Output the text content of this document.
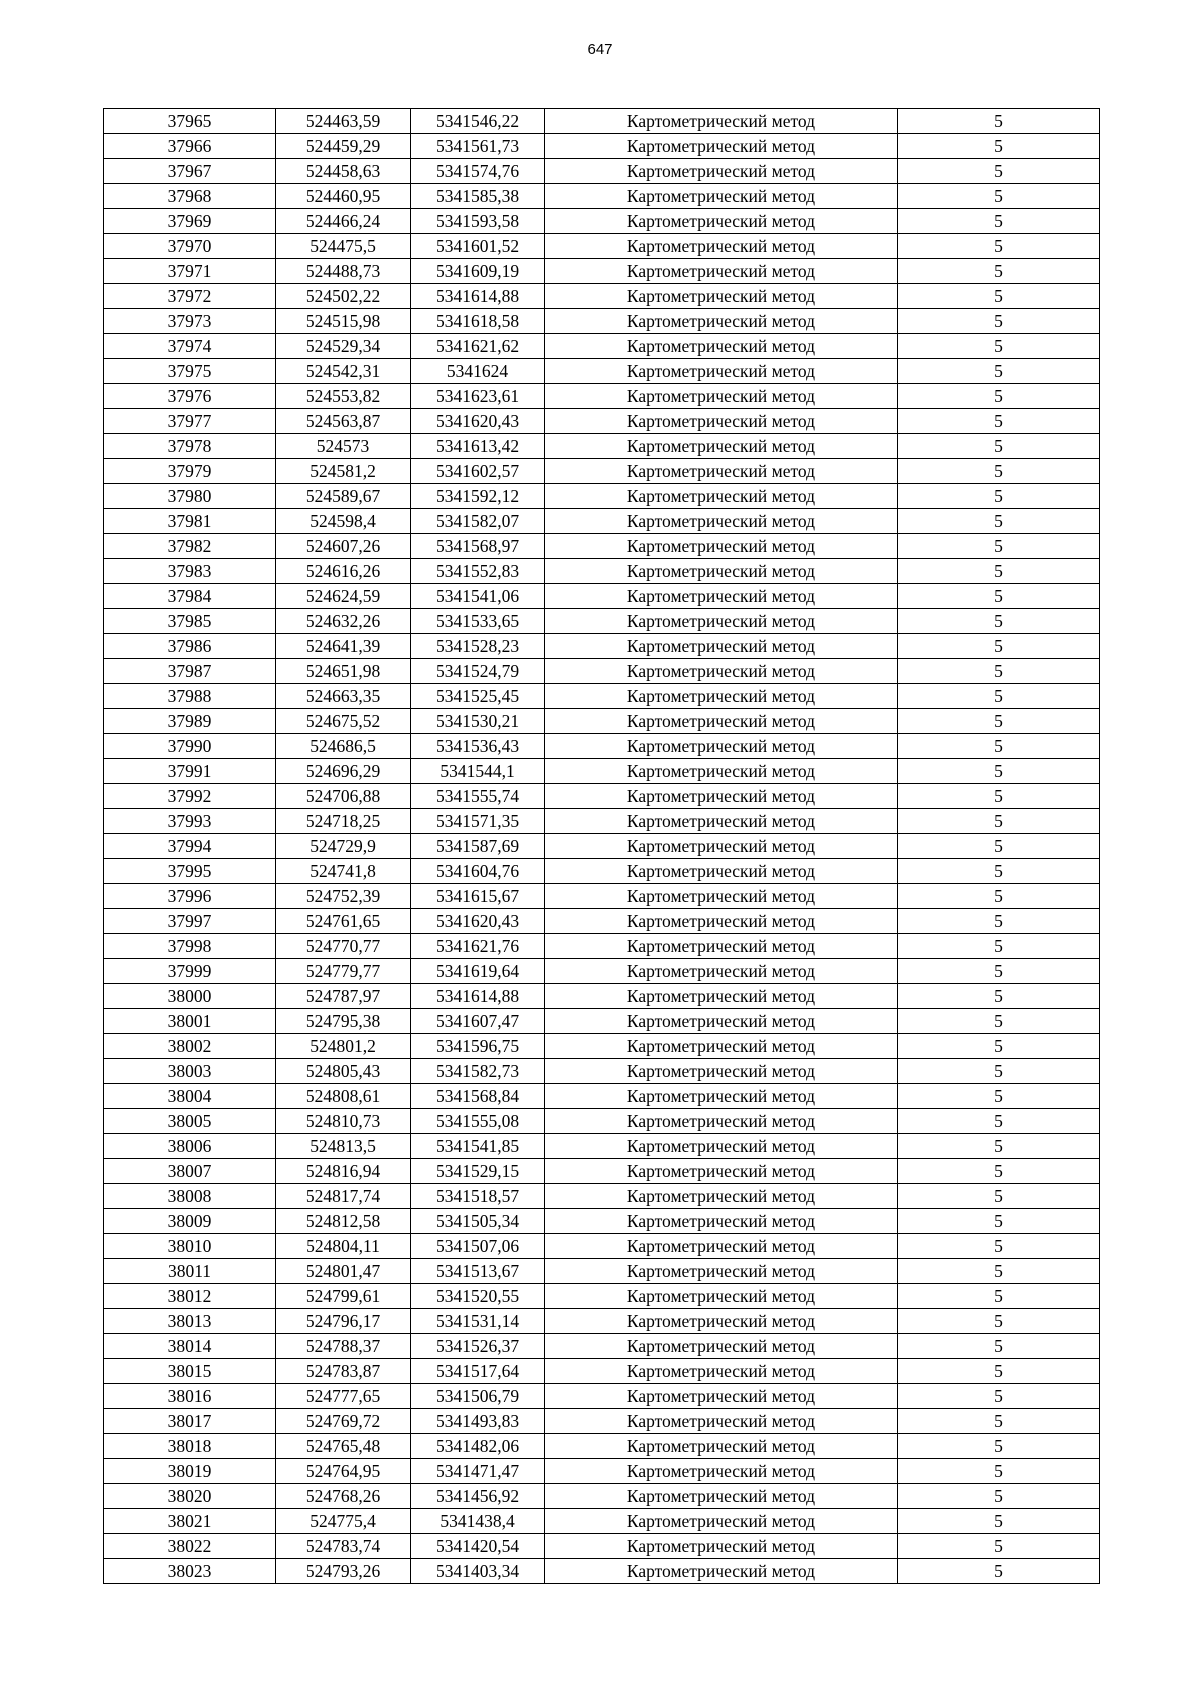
647
37965	524463,59	5341546,22	Картометрический метод	5
37966	524459,29	5341561,73	Картометрический метод	5
37967	524458,63	5341574,76	Картометрический метод	5
37968	524460,95	5341585,38	Картометрический метод	5
37969	524466,24	5341593,58	Картометрический метод	5
37970	524475,5	5341601,52	Картометрический метод	5
37971	524488,73	5341609,19	Картометрический метод	5
37972	524502,22	5341614,88	Картометрический метод	5
37973	524515,98	5341618,58	Картометрический метод	5
37974	524529,34	5341621,62	Картометрический метод	5
37975	524542,31	5341624	Картометрический метод	5
37976	524553,82	5341623,61	Картометрический метод	5
37977	524563,87	5341620,43	Картометрический метод	5
37978	524573	5341613,42	Картометрический метод	5
37979	524581,2	5341602,57	Картометрический метод	5
37980	524589,67	5341592,12	Картометрический метод	5
37981	524598,4	5341582,07	Картометрический метод	5
37982	524607,26	5341568,97	Картометрический метод	5
37983	524616,26	5341552,83	Картометрический метод	5
37984	524624,59	5341541,06	Картометрический метод	5
37985	524632,26	5341533,65	Картометрический метод	5
37986	524641,39	5341528,23	Картометрический метод	5
37987	524651,98	5341524,79	Картометрический метод	5
37988	524663,35	5341525,45	Картометрический метод	5
37989	524675,52	5341530,21	Картометрический метод	5
37990	524686,5	5341536,43	Картометрический метод	5
37991	524696,29	5341544,1	Картометрический метод	5
37992	524706,88	5341555,74	Картометрический метод	5
37993	524718,25	5341571,35	Картометрический метод	5
37994	524729,9	5341587,69	Картометрический метод	5
37995	524741,8	5341604,76	Картометрический метод	5
37996	524752,39	5341615,67	Картометрический метод	5
37997	524761,65	5341620,43	Картометрический метод	5
37998	524770,77	5341621,76	Картометрический метод	5
37999	524779,77	5341619,64	Картометрический метод	5
38000	524787,97	5341614,88	Картометрический метод	5
38001	524795,38	5341607,47	Картометрический метод	5
38002	524801,2	5341596,75	Картометрический метод	5
38003	524805,43	5341582,73	Картометрический метод	5
38004	524808,61	5341568,84	Картометрический метод	5
38005	524810,73	5341555,08	Картометрический метод	5
38006	524813,5	5341541,85	Картометрический метод	5
38007	524816,94	5341529,15	Картометрический метод	5
38008	524817,74	5341518,57	Картометрический метод	5
38009	524812,58	5341505,34	Картометрический метод	5
38010	524804,11	5341507,06	Картометрический метод	5
38011	524801,47	5341513,67	Картометрический метод	5
38012	524799,61	5341520,55	Картометрический метод	5
38013	524796,17	5341531,14	Картометрический метод	5
38014	524788,37	5341526,37	Картометрический метод	5
38015	524783,87	5341517,64	Картометрический метод	5
38016	524777,65	5341506,79	Картометрический метод	5
38017	524769,72	5341493,83	Картометрический метод	5
38018	524765,48	5341482,06	Картометрический метод	5
38019	524764,95	5341471,47	Картометрический метод	5
38020	524768,26	5341456,92	Картометрический метод	5
38021	524775,4	5341438,4	Картометрический метод	5
38022	524783,74	5341420,54	Картометрический метод	5
38023	524793,26	5341403,34	Картометрический метод	5
